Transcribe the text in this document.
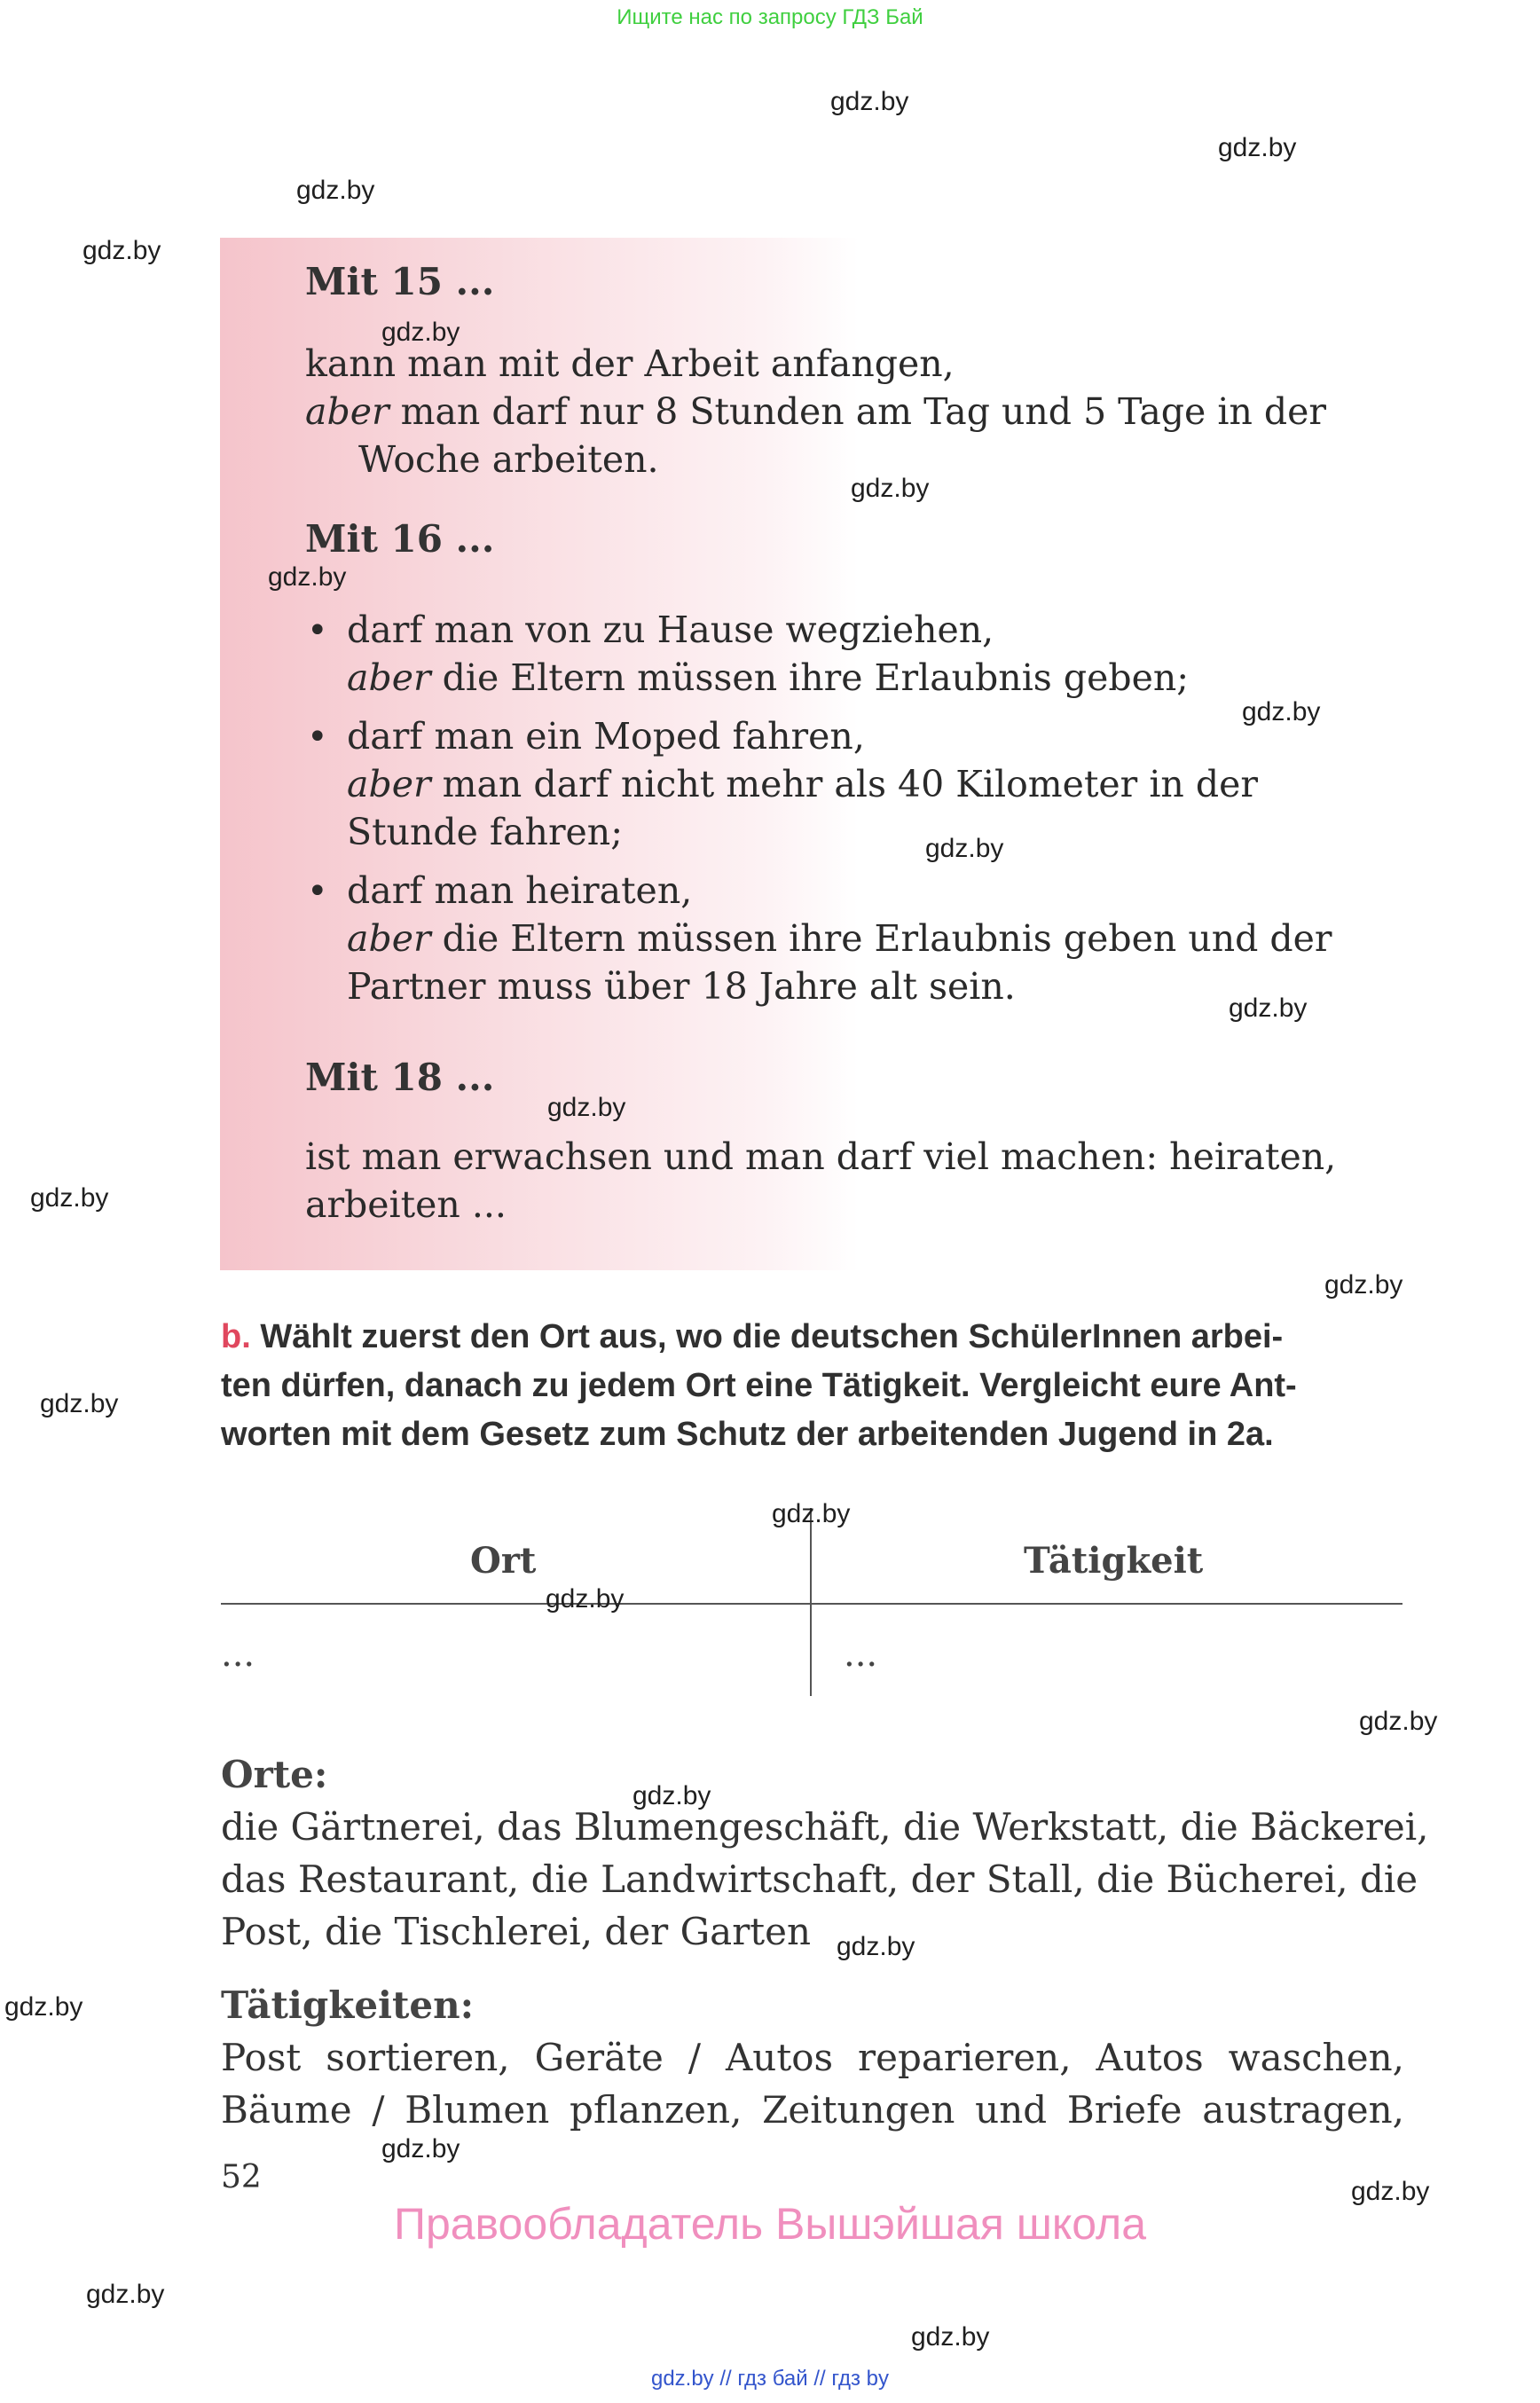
Ищите нас по запросу ГДЗ Бай
Mit 15 ...
kann man mit der Arbeit anfangen,
aber man darf nur 8 Stunden am Tag und 5 Tage in der
Woche arbeiten.
Mit 16 ...
• darf man von zu Hause wegziehen,
aber die Eltern müssen ihre Erlaubnis geben;
• darf man ein Moped fahren,
aber man darf nicht mehr als 40 Kilometer in der
Stunde fahren;
• darf man heiraten,
aber die Eltern müssen ihre Erlaubnis geben und der
Partner muss über 18 Jahre alt sein.
Mit 18 ...
ist man erwachsen und man darf viel machen: heiraten,
arbeiten ...
b. Wählt zuerst den Ort aus, wo die deutschen SchülerInnen arbei-
ten dürfen, danach zu jedem Ort eine Tätigkeit. Vergleicht eure Ant-
worten mit dem Gesetz zum Schutz der arbeitenden Jugend in 2a.
Ort	Tätigkeit
...	...
Orte:
die Gärtnerei, das Blumengeschäft, die Werkstatt, die Bäckerei,
das Restaurant, die Landwirtschaft, der Stall, die Bücherei, die
Post, die Tischlerei, der Garten
Tätigkeiten:
Post sortieren, Geräte / Autos reparieren, Autos waschen,
Bäume / Blumen pflanzen, Zeitungen und Briefe austragen,
52
Правообладатель Вышэйшая школа
gdz.by // гдз бай // гдз by
gdz.by
gdz.by
gdz.by
gdz.by
gdz.by
gdz.by
gdz.by
gdz.by
gdz.by
gdz.by
gdz.by
gdz.by
gdz.by
gdz.by
gdz.by
gdz.by
gdz.by
gdz.by
gdz.by
gdz.by
gdz.by
gdz.by
gdz.by
gdz.by
